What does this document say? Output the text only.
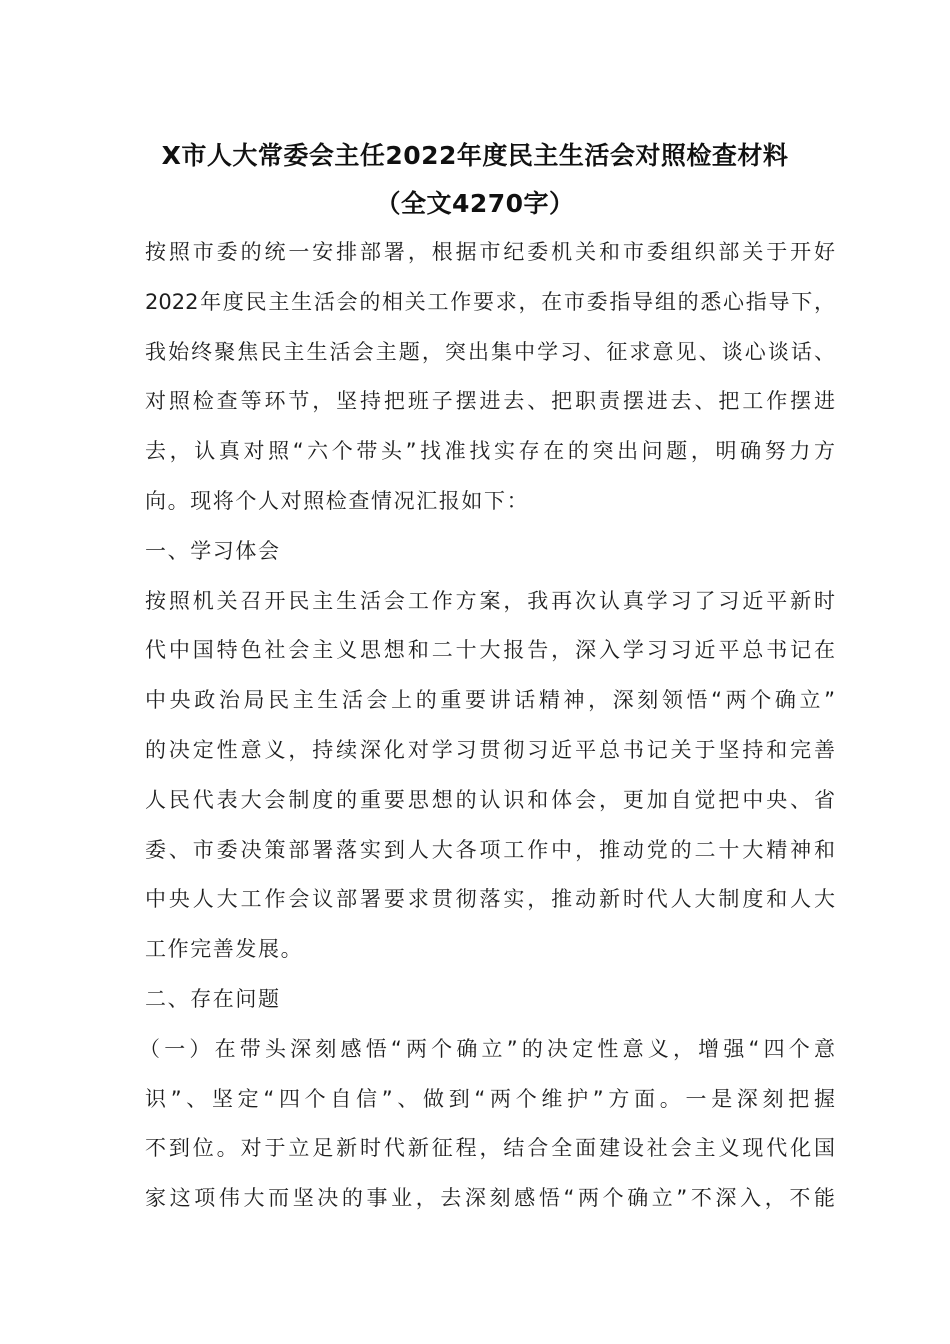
X市人大常委会主任2022年度民主生活会对照检查材料
（全文4270字）
按照市委的统一安排部署，根据市纪委机关和市委组织部关于开好
2022年度民主生活会的相关工作要求，在市委指导组的悉心指导下，
我始终聚焦民主生活会主题，突出集中学习、征求意见、谈心谈话、
对照检查等环节，坚持把班子摆进去、把职责摆进去、把工作摆进
去，认真对照“六个带头”找准找实存在的突出问题，明确努力方
向。现将个人对照检查情况汇报如下：
一、学习体会
按照机关召开民主生活会工作方案，我再次认真学习了习近平新时
代中国特色社会主义思想和二十大报告，深入学习习近平总书记在
中央政治局民主生活会上的重要讲话精神，深刻领悟“两个确立”
的决定性意义，持续深化对学习贯彻习近平总书记关于坚持和完善
人民代表大会制度的重要思想的认识和体会，更加自觉把中央、省
委、市委决策部署落实到人大各项工作中，推动党的二十大精神和
中央人大工作会议部署要求贯彻落实，推动新时代人大制度和人大
工作完善发展。
二、存在问题
（一）在带头深刻感悟“两个确立”的决定性意义，增强“四个意
识”、坚定“四个自信”、做到“两个维护”方面。一是深刻把握
不到位。对于立足新时代新征程，结合全面建设社会主义现代化国
家这项伟大而坚决的事业，去深刻感悟“两个确立”不深入，不能
